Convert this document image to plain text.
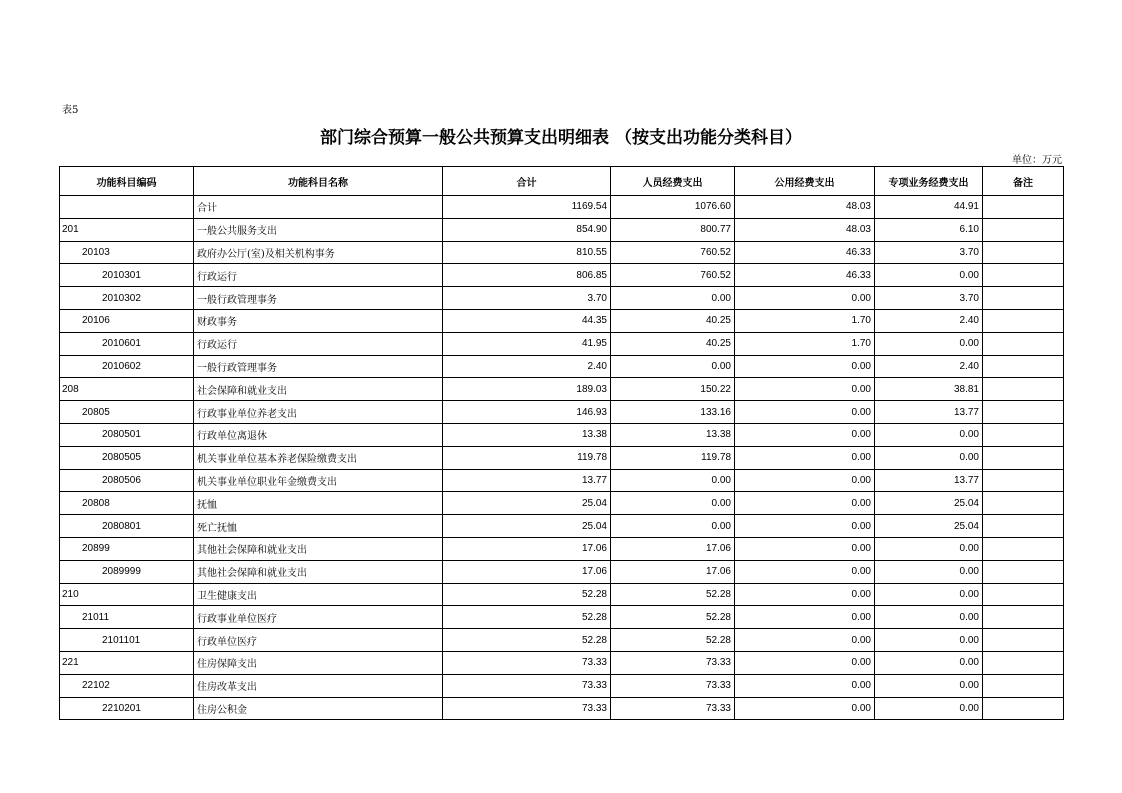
表5
部门综合预算一般公共预算支出明细表 （按支出功能分类科目）
单位：万元
功能科目编码	功能科目名称	合计	人员经费支出	公用经费支出	专项业务经费支出	备注
	合计	1169.54	1076.60	48.03	44.91	
201	一般公共服务支出	854.90	800.77	48.03	6.10	
20103	政府办公厅(室)及相关机构事务	810.55	760.52	46.33	3.70	
2010301	行政运行	806.85	760.52	46.33	0.00	
2010302	一般行政管理事务	3.70	0.00	0.00	3.70	
20106	财政事务	44.35	40.25	1.70	2.40	
2010601	行政运行	41.95	40.25	1.70	0.00	
2010602	一般行政管理事务	2.40	0.00	0.00	2.40	
208	社会保障和就业支出	189.03	150.22	0.00	38.81	
20805	行政事业单位养老支出	146.93	133.16	0.00	13.77	
2080501	行政单位离退休	13.38	13.38	0.00	0.00	
2080505	机关事业单位基本养老保险缴费支出	119.78	119.78	0.00	0.00	
2080506	机关事业单位职业年金缴费支出	13.77	0.00	0.00	13.77	
20808	抚恤	25.04	0.00	0.00	25.04	
2080801	死亡抚恤	25.04	0.00	0.00	25.04	
20899	其他社会保障和就业支出	17.06	17.06	0.00	0.00	
2089999	其他社会保障和就业支出	17.06	17.06	0.00	0.00	
210	卫生健康支出	52.28	52.28	0.00	0.00	
21011	行政事业单位医疗	52.28	52.28	0.00	0.00	
2101101	行政单位医疗	52.28	52.28	0.00	0.00	
221	住房保障支出	73.33	73.33	0.00	0.00	
22102	住房改革支出	73.33	73.33	0.00	0.00	
2210201	住房公积金	73.33	73.33	0.00	0.00	
